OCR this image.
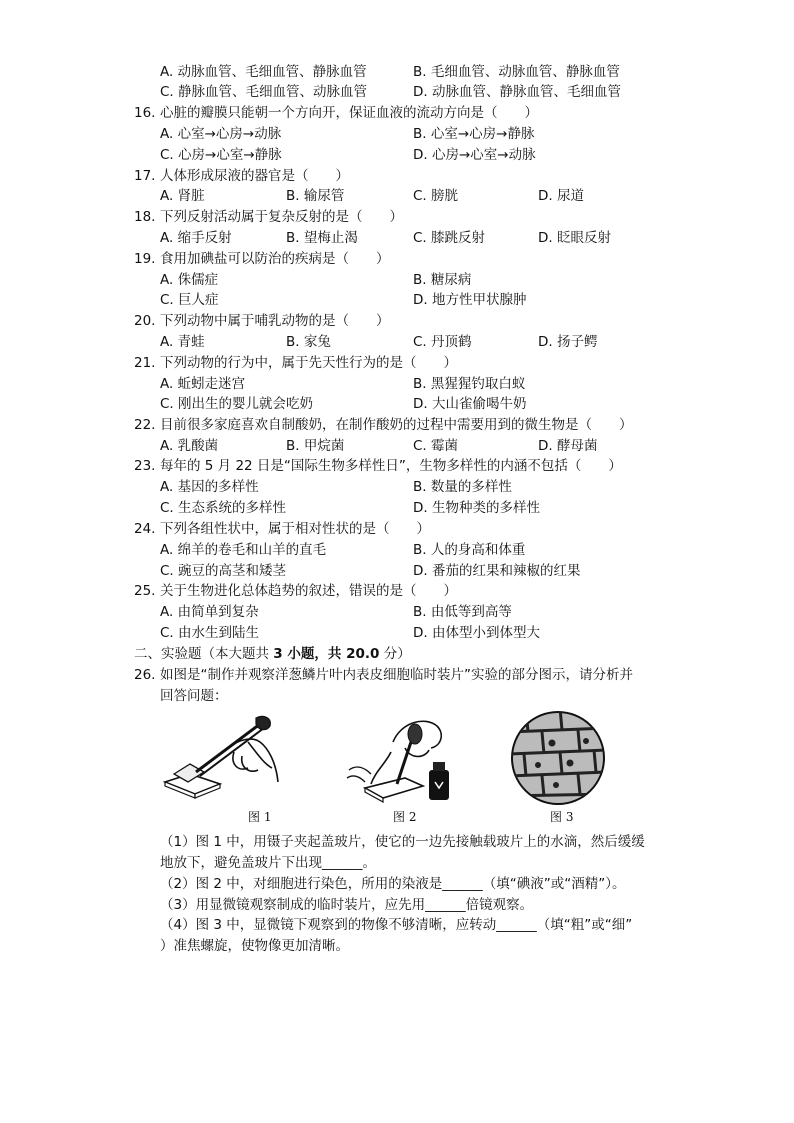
A. 动脉血管、毛细血管、静脉血管	B. 毛细血管、动脉血管、静脉血管
C. 静脉血管、毛细血管、动脉血管	D. 动脉血管、静脉血管、毛细血管
16. 心脏的瓣膜只能朝一个方向开，保证血液的流动方向是（　　）
A. 心室→心房→动脉	B. 心室→心房→静脉
C. 心房→心室→静脉	D. 心房→心室→动脉
17. 人体形成尿液的器官是（　　）
A. 肾脏	B. 输尿管	C. 膀胱	D. 尿道
18. 下列反射活动属于复杂反射的是（　　）
A. 缩手反射	B. 望梅止渴	C. 膝跳反射	D. 眨眼反射
19. 食用加碘盐可以防治的疾病是（　　）
A. 侏儒症	B. 糖尿病
C. 巨人症	D. 地方性甲状腺肿
20. 下列动物中属于哺乳动物的是（　　）
A. 青蛙	B. 家兔	C. 丹顶鹤	D. 扬子鳄
21. 下列动物的行为中，属于先天性行为的是（　　）
A. 蚯蚓走迷宫	B. 黑猩猩钓取白蚁
C. 刚出生的婴儿就会吃奶	D. 大山雀偷喝牛奶
22. 目前很多家庭喜欢自制酸奶，在制作酸奶的过程中需要用到的微生物是（　　）
A. 乳酸菌	B. 甲烷菌	C. 霉菌	D. 酵母菌
23. 每年的 5 月 22 日是“国际生物多样性日”，生物多样性的内涵不包括（　　）
A. 基因的多样性	B. 数量的多样性
C. 生态系统的多样性	D. 生物种类的多样性
24. 下列各组性状中，属于相对性状的是（　　）
A. 绵羊的卷毛和山羊的直毛	B. 人的身高和体重
C. 豌豆的高茎和矮茎	D. 番茄的红果和辣椒的红果
25. 关于生物进化总体趋势的叙述，错误的是（　　）
A. 由简单到复杂	B. 由低等到高等
C. 由水生到陆生	D. 由体型小到体型大
二、实验题（本大题共 3 小题，共 20.0 分）
26. 如图是“制作并观察洋葱鳞片叶内表皮细胞临时装片”实验的部分图示，请分析并
回答问题：
图 1	图 2	图 3
（1）图 1 中，用镊子夹起盖玻片，使它的一边先接触载玻片上的水滴，然后缓缓
地放下，避免盖玻片下出现______。
（2）图 2 中，对细胞进行染色，所用的染液是______（填“碘液”或“酒精”）。
（3）用显微镜观察制成的临时装片，应先用______倍镜观察。
（4）图 3 中，显微镜下观察到的物像不够清晰，应转动______（填“粗”或“细”
）准焦螺旋，使物像更加清晰。
